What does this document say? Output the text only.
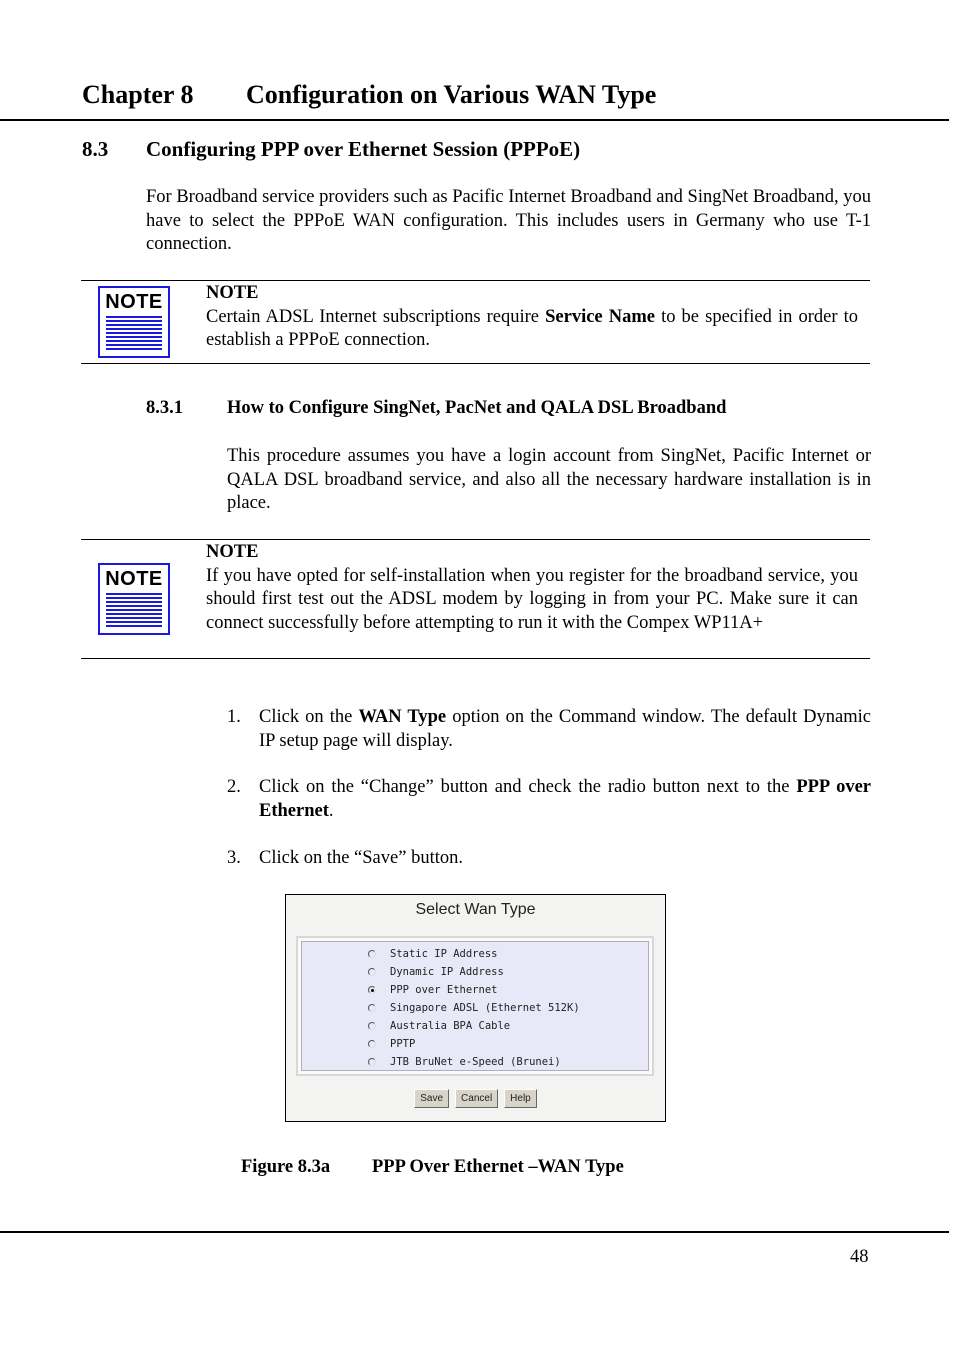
Chapter 8 Configuration on Various WAN Type
8.3 Configuring PPP over Ethernet Session (PPPoE)
For Broadband service providers such as Pacific Internet Broadband and SingNet Broadband, you have to select the PPPoE WAN configuration. This includes users in Germany who use T-1 connection.
NOTE NOTE
Certain ADSL Internet subscriptions require Service Name to be specified in order to establish a PPPoE connection.
8.3.1 How to Configure SingNet, PacNet and QALA DSL Broadband
This procedure assumes you have a login account from SingNet, Pacific Internet or QALA DSL broadband service, and also all the necessary hardware installation is in place.
NOTE
NOTE
If you have opted for self-installation when you register for the broadband service, you should first test out the ADSL modem by logging in from your PC. Make sure it can connect successfully before attempting to run it with the Compex WP11A+
1. Click on the WAN Type option on the Command window. The default Dynamic IP setup page will display.
2. Click on the “Change” button and check the radio button next to the PPP over Ethernet.
3. Click on the “Save” button.
Select Wan Type
Static IP Address
Dynamic IP Address
PPP over Ethernet
Singapore ADSL (Ethernet 512K)
Australia BPA Cable
PPTP
JTB BruNet e-Speed (Brunei)
Save Cancel Help
Figure 8.3a PPP Over Ethernet –WAN Type
48
